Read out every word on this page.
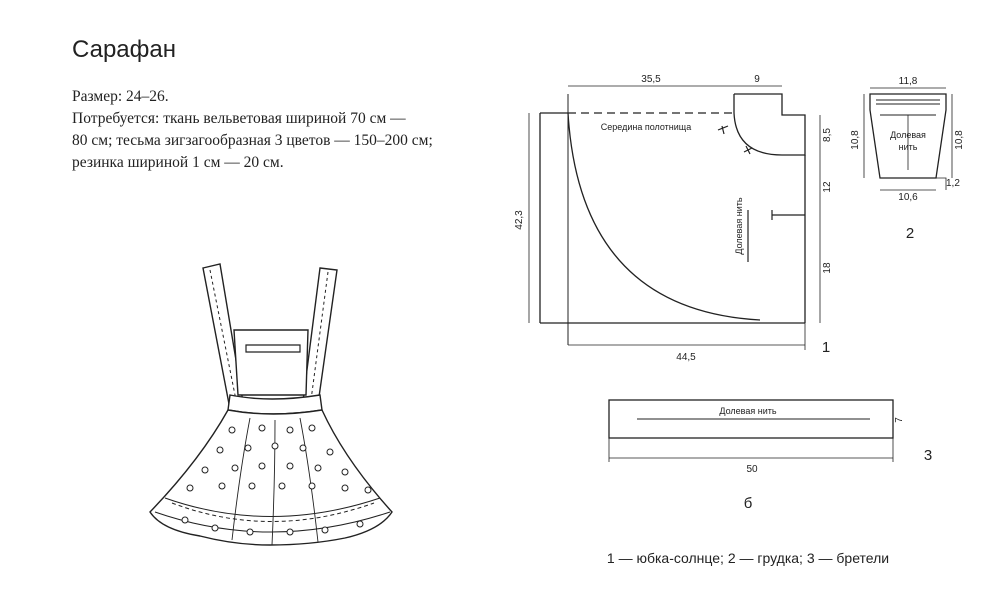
Сарафан

Размер: 24–26.

Потребуется: ткань вельветовая шириной 70 см —

80 см; тесьма зигзагообразная 3 цветов — 150–200 см;

резинка шириной 1 см — 20 см.

35,5	9
8,5
12
18
42,3
44,5
Середина полотнища
Долевая нить
1
11,8
10,8	10,8
10,6
1,2
Долевая
нить
2
Долевая нить
50
7
3
б
1 — юбка-солнце; 2 — грудка; 3 — бретели
